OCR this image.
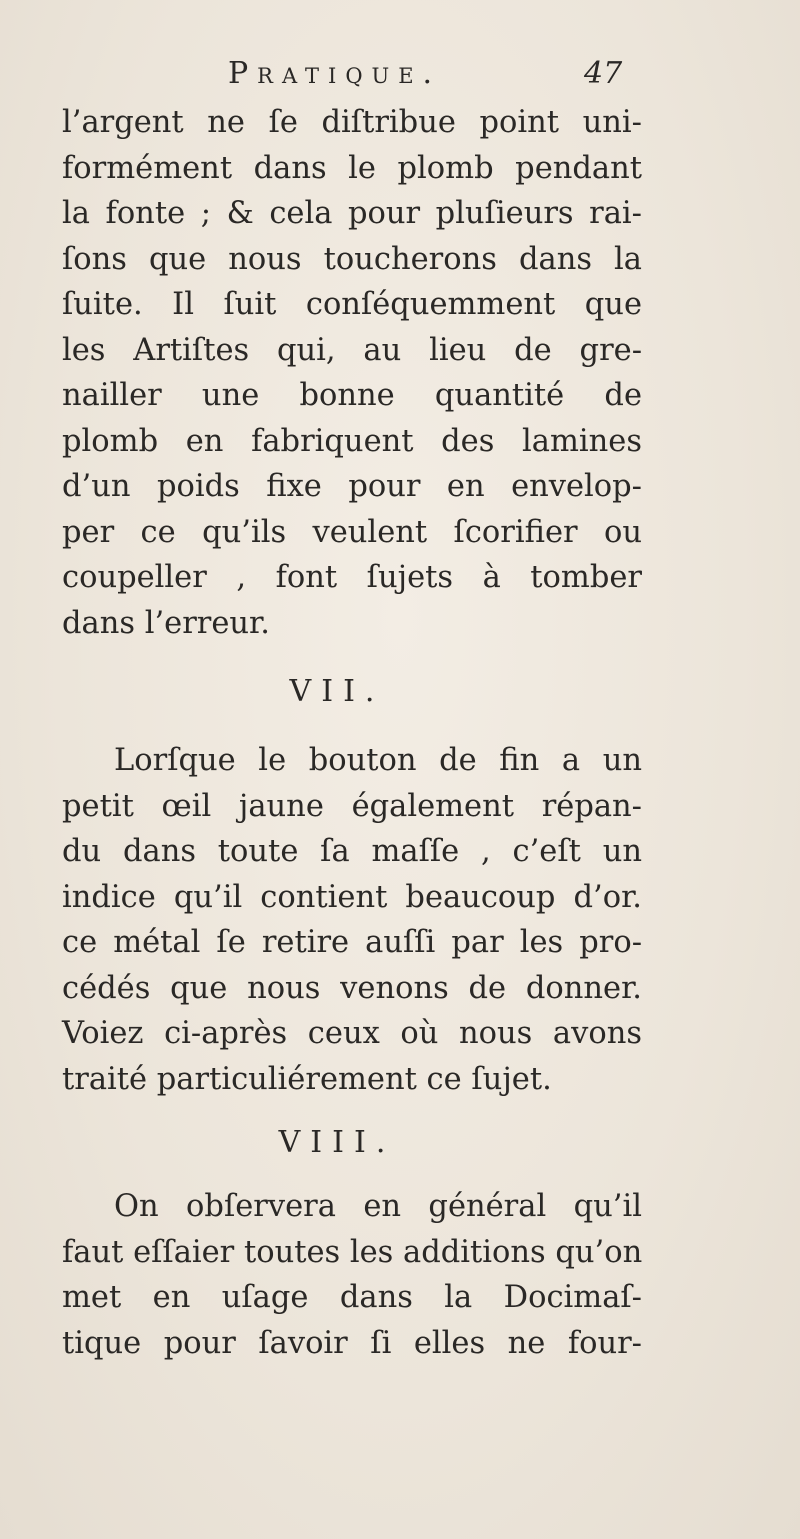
Pratique.	47
l’argent ne ſe diſtribue point uni-
formément dans le plomb pendant
la fonte ; & cela pour pluſieurs rai-
ſons que nous toucherons dans la
ſuite. Il ſuit conſéquemment que
les Artiſtes qui, au lieu de gre-
nailler une bonne quantité de
plomb en fabriquent des lamines
d’un poids fixe pour en envelop-
per ce qu’ils veulent ſcorifier ou
coupeller , font ſujets à tomber
dans l’erreur.
VII.
Lorſque le bouton de fin a un
petit œil jaune également répan-
du dans toute ſa maſſe , c’eſt un
indice qu’il contient beaucoup d’or.
ce métal ſe retire auſſi par les pro-
cédés que nous venons de donner.
Voiez ci-après ceux où nous avons
traité particuliérement ce ſujet.
VIII.
On obſervera en général qu’il
faut eſſaier toutes les additions qu’on
met en uſage dans la Docimaſ-
tique pour ſavoir ſi elles ne four-
